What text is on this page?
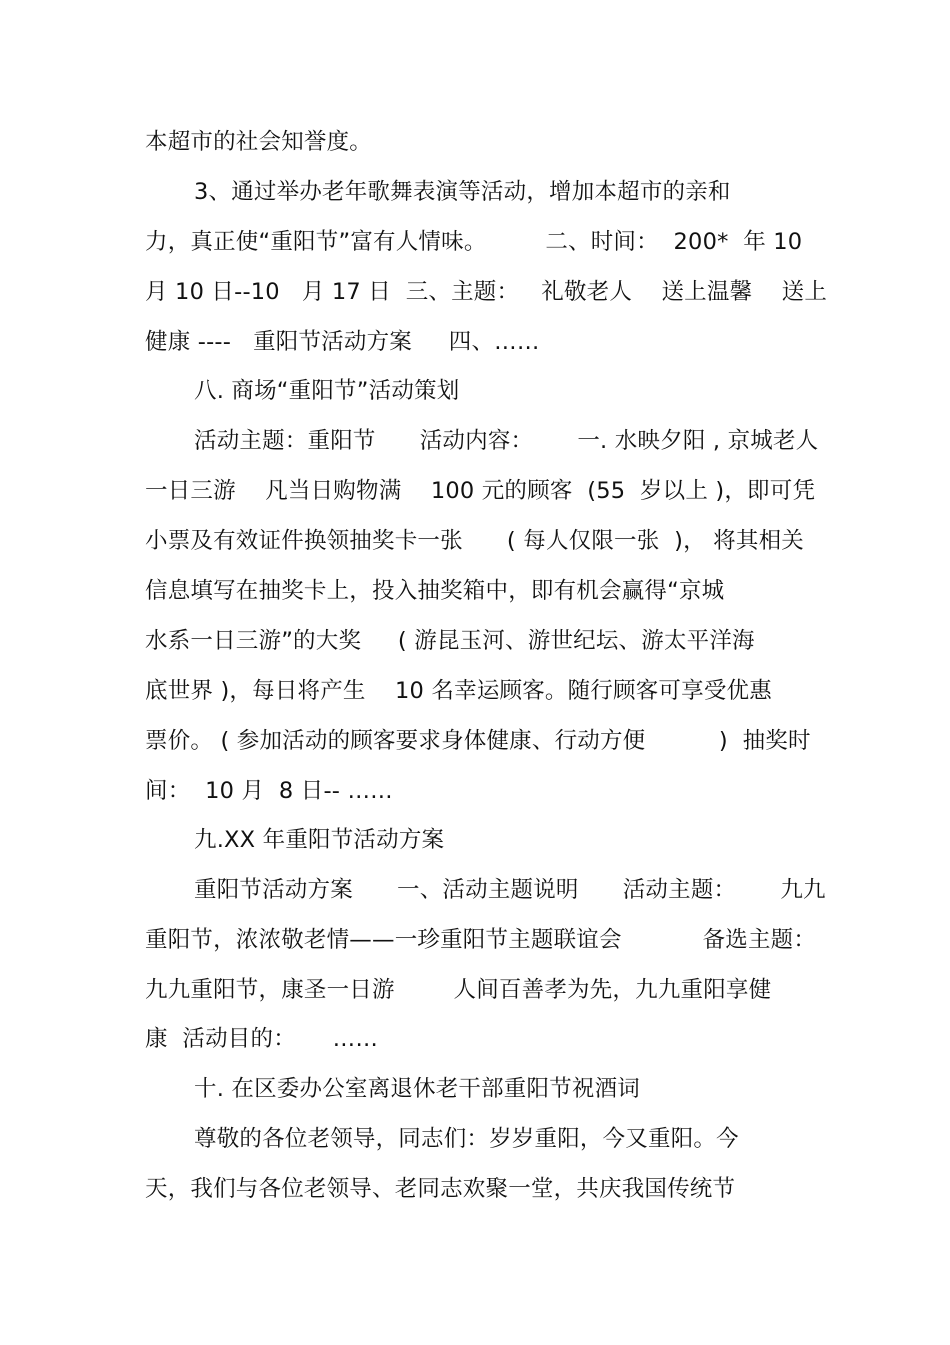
本超市的社会知誉度。
3、通过举办老年歌舞表演等活动，增加本超市的亲和
力，真正使“重阳节”富有人情味。        二、时间：  200*  年 10
月 10 日--10   月 17 日  三、主题：   礼敬老人    送上温馨    送上
健康 ----   重阳节活动方案     四、……
八. 商场“重阳节”活动策划
活动主题：重阳节      活动内容：      一. 水映夕阳 , 京城老人
一日三游    凡当日购物满    100 元的顾客  (55  岁以上 )，即可凭
小票及有效证件换领抽奖卡一张      ( 每人仅限一张  )， 将其相关
信息填写在抽奖卡上，投入抽奖箱中，即有机会赢得“京城
水系一日三游”的大奖     ( 游昆玉河、游世纪坛、游太平洋海
底世界 )，每日将产生    10 名幸运顾客。随行顾客可享受优惠
票价。 ( 参加活动的顾客要求身体健康、行动方便          )  抽奖时
间：  10 月  8 日-- ……
九.XX 年重阳节活动方案
重阳节活动方案      一、活动主题说明      活动主题：      九九
重阳节，浓浓敬老情——一珍重阳节主题联谊会           备选主题：
九九重阳节，康圣一日游        人间百善孝为先，九九重阳享健
康  活动目的：     ……
十. 在区委办公室离退休老干部重阳节祝酒词
尊敬的各位老领导，同志们：岁岁重阳，今又重阳。今
天，我们与各位老领导、老同志欢聚一堂，共庆我国传统节
